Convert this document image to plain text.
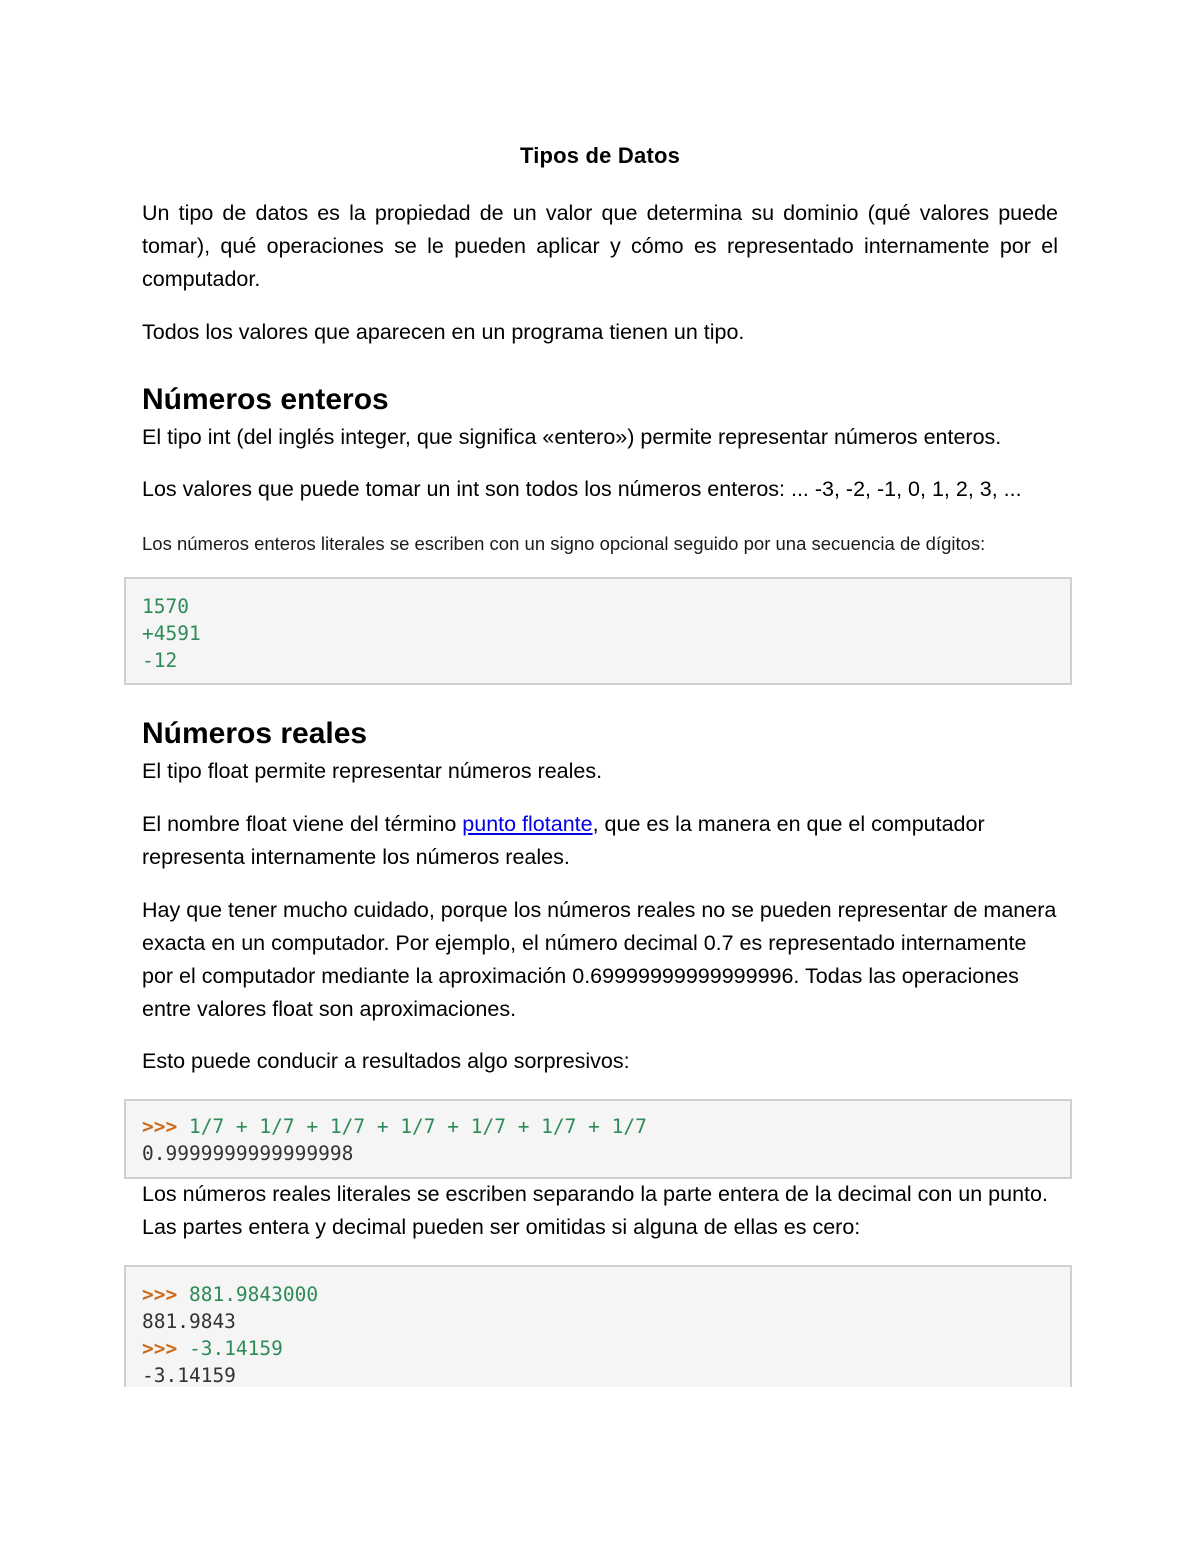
Tipos de Datos

Un tipo de datos es la propiedad de un valor que determina su dominio (qué valores puede tomar), qué operaciones se le pueden aplicar y cómo es representado internamente por el computador.

Todos los valores que aparecen en un programa tienen un tipo.

Números enteros

El tipo int (del inglés integer, que significa «entero») permite representar números enteros.

Los valores que puede tomar un int son todos los números enteros: ... -3, -2, -1, 0, 1, 2, 3, ...

Los números enteros literales se escriben con un signo opcional seguido por una secuencia de dígitos:

1570
+4591
-12
Números reales

El tipo float permite representar números reales.

El nombre float viene del término punto flotante, que es la manera en que el computador representa internamente los números reales.

Hay que tener mucho cuidado, porque los números reales no se pueden representar de manera exacta en un computador. Por ejemplo, el número decimal 0.7 es representado internamente por el computador mediante la aproximación 0.69999999999999996. Todas las operaciones entre valores float son aproximaciones.

Esto puede conducir a resultados algo sorpresivos:

>>> 1/7 + 1/7 + 1/7 + 1/7 + 1/7 + 1/7 + 1/7
0.9999999999999998

Los números reales literales se escriben separando la parte entera de la decimal con un punto. Las partes entera y decimal pueden ser omitidas si alguna de ellas es cero:

>>> 881.9843000
881.9843
>>> -3.14159
-3.14159
